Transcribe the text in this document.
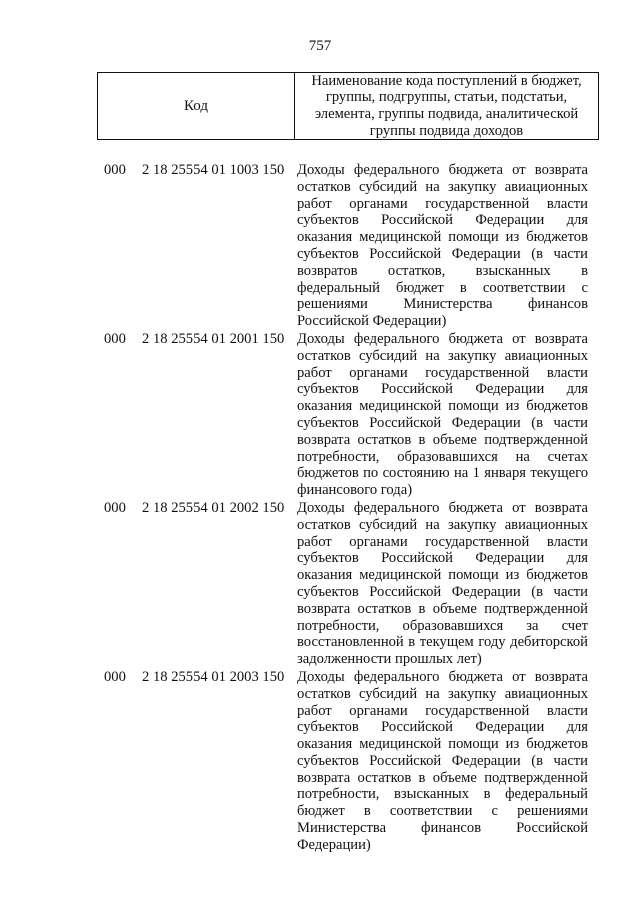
757
Код
Наименование кода поступлений в бюджет, группы, подгруппы, статьи, подстатьи, элемента, группы подвида, аналитической группы подвида доходов
000 2 18 25554 01 1003 150 Доходы федерального бюджета от возврата
остатков субсидий на закупку авиационных
работ органами государственной власти
субъектов Российской Федерации для
оказания медицинской помощи из бюджетов
субъектов Российской Федерации (в части
возвратов остатков, взысканных в
федеральный бюджет в соответствии с
решениями Министерства финансов
Российской Федерации)
000 2 18 25554 01 2001 150 Доходы федерального бюджета от возврата
остатков субсидий на закупку авиационных
работ органами государственной власти
субъектов Российской Федерации для
оказания медицинской помощи из бюджетов
субъектов Российской Федерации (в части
возврата остатков в объеме подтвержденной
потребности, образовавшихся на счетах
бюджетов по состоянию на 1 января текущего
финансового года)
000 2 18 25554 01 2002 150 Доходы федерального бюджета от возврата
остатков субсидий на закупку авиационных
работ органами государственной власти
субъектов Российской Федерации для
оказания медицинской помощи из бюджетов
субъектов Российской Федерации (в части
возврата остатков в объеме подтвержденной
потребности, образовавшихся за счет
восстановленной в текущем году дебиторской
задолженности прошлых лет)
000 2 18 25554 01 2003 150 Доходы федерального бюджета от возврата
остатков субсидий на закупку авиационных
работ органами государственной власти
субъектов Российской Федерации для
оказания медицинской помощи из бюджетов
субъектов Российской Федерации (в части
возврата остатков в объеме подтвержденной
потребности, взысканных в федеральный
бюджет в соответствии с решениями
Министерства финансов Российской
Федерации)
